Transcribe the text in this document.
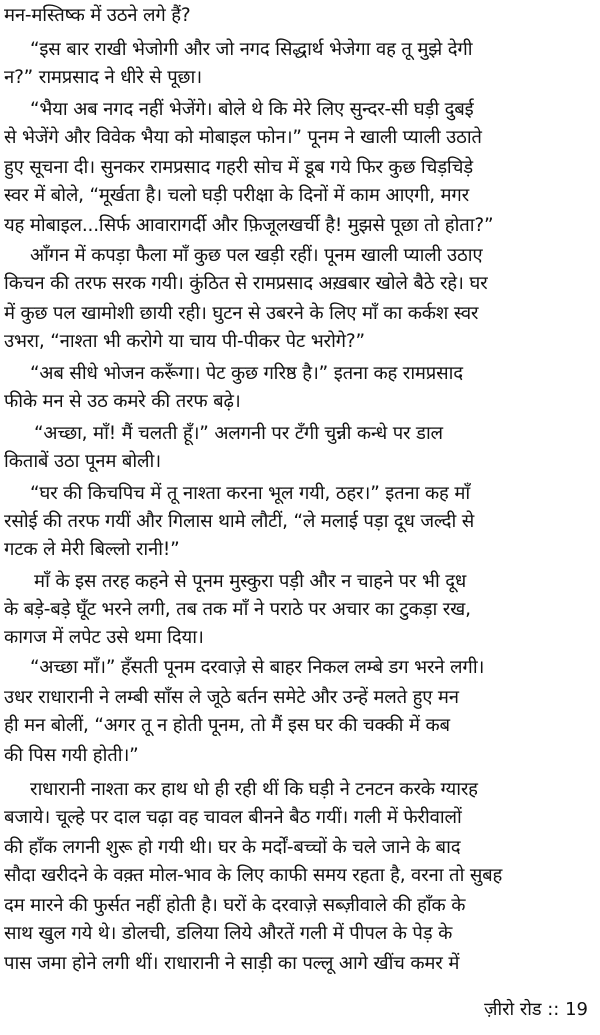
मन-मस्तिष्क में उठने लगे हैं?
“इस बार राखी भेजोगी और जो नगद सिद्धार्थ भेजेगा वह तू मुझे देगी
न?” रामप्रसाद ने धीरे से पूछा।
“भैया अब नगद नहीं भेजेंगे। बोले थे कि मेरे लिए सुन्दर-सी घड़ी दुबई
से भेजेंगे और विवेक भैया को मोबाइल फोन।” पूनम ने खाली प्याली उठाते
हुए सूचना दी। सुनकर रामप्रसाद गहरी सोच में डूब गये फिर कुछ चिड़चिड़े
स्वर में बोले, “मूर्खता है। चलो घड़ी परीक्षा के दिनों में काम आएगी, मगर
यह मोबाइल...सिर्फ आवारागर्दी और फ़िजूलखर्ची है! मुझसे पूछा तो होता?”
आँगन में कपड़ा फैला माँ कुछ पल खड़ी रहीं। पूनम खाली प्याली उठाए
किचन की तरफ सरक गयी। कुंठित से रामप्रसाद अख़बार खोले बैठे रहे। घर
में कुछ पल खामोशी छायी रही। घुटन से उबरने के लिए माँ का कर्कश स्वर
उभरा, “नाश्ता भी करोगे या चाय पी-पीकर पेट भरोगे?”
“अब सीधे भोजन करूँगा। पेट कुछ गरिष्ठ है।” इतना कह रामप्रसाद
फीके मन से उठ कमरे की तरफ बढ़े।
“अच्छा, माँ! मैं चलती हूँ।” अलगनी पर टँगी चुन्नी कन्धे पर डाल
किताबें उठा पूनम बोली।
“घर की किचपिच में तू नाश्ता करना भूल गयी, ठहर।” इतना कह माँ
रसोई की तरफ गयीं और गिलास थामे लौटीं, “ले मलाई पड़ा दूध जल्दी से
गटक ले मेरी बिल्लो रानी!”
माँ के इस तरह कहने से पूनम मुस्कुरा पड़ी और न चाहने पर भी दूध
के बड़े-बड़े घूँट भरने लगी, तब तक माँ ने पराठे पर अचार का टुकड़ा रख,
कागज में लपेट उसे थमा दिया।
“अच्छा माँ।” हँसती पूनम दरवाज़े से बाहर निकल लम्बे डग भरने लगी।
उधर राधारानी ने लम्बी साँस ले जूठे बर्तन समेटे और उन्हें मलते हुए मन
ही मन बोलीं, “अगर तू न होती पूनम, तो मैं इस घर की चक्की में कब
की पिस गयी होती।”
राधारानी नाश्ता कर हाथ धो ही रही थीं कि घड़ी ने टनटन करके ग्यारह
बजाये। चूल्हे पर दाल चढ़ा वह चावल बीनने बैठ गयीं। गली में फेरीवालों
की हाँक लगनी शुरू हो गयी थी। घर के मर्दों-बच्चों के चले जाने के बाद
सौदा खरीदने के वक़्त मोल-भाव के लिए काफी समय रहता है, वरना तो सुबह
दम मारने की फुर्सत नहीं होती है। घरों के दरवाज़े सब्ज़ीवाले की हाँक के
साथ खुल गये थे। डोलची, डलिया लिये औरतें गली में पीपल के पेड़ के
पास जमा होने लगी थीं। राधारानी ने साड़ी का पल्लू आगे खींच कमर में
ज़ीरो रोड :: 19
